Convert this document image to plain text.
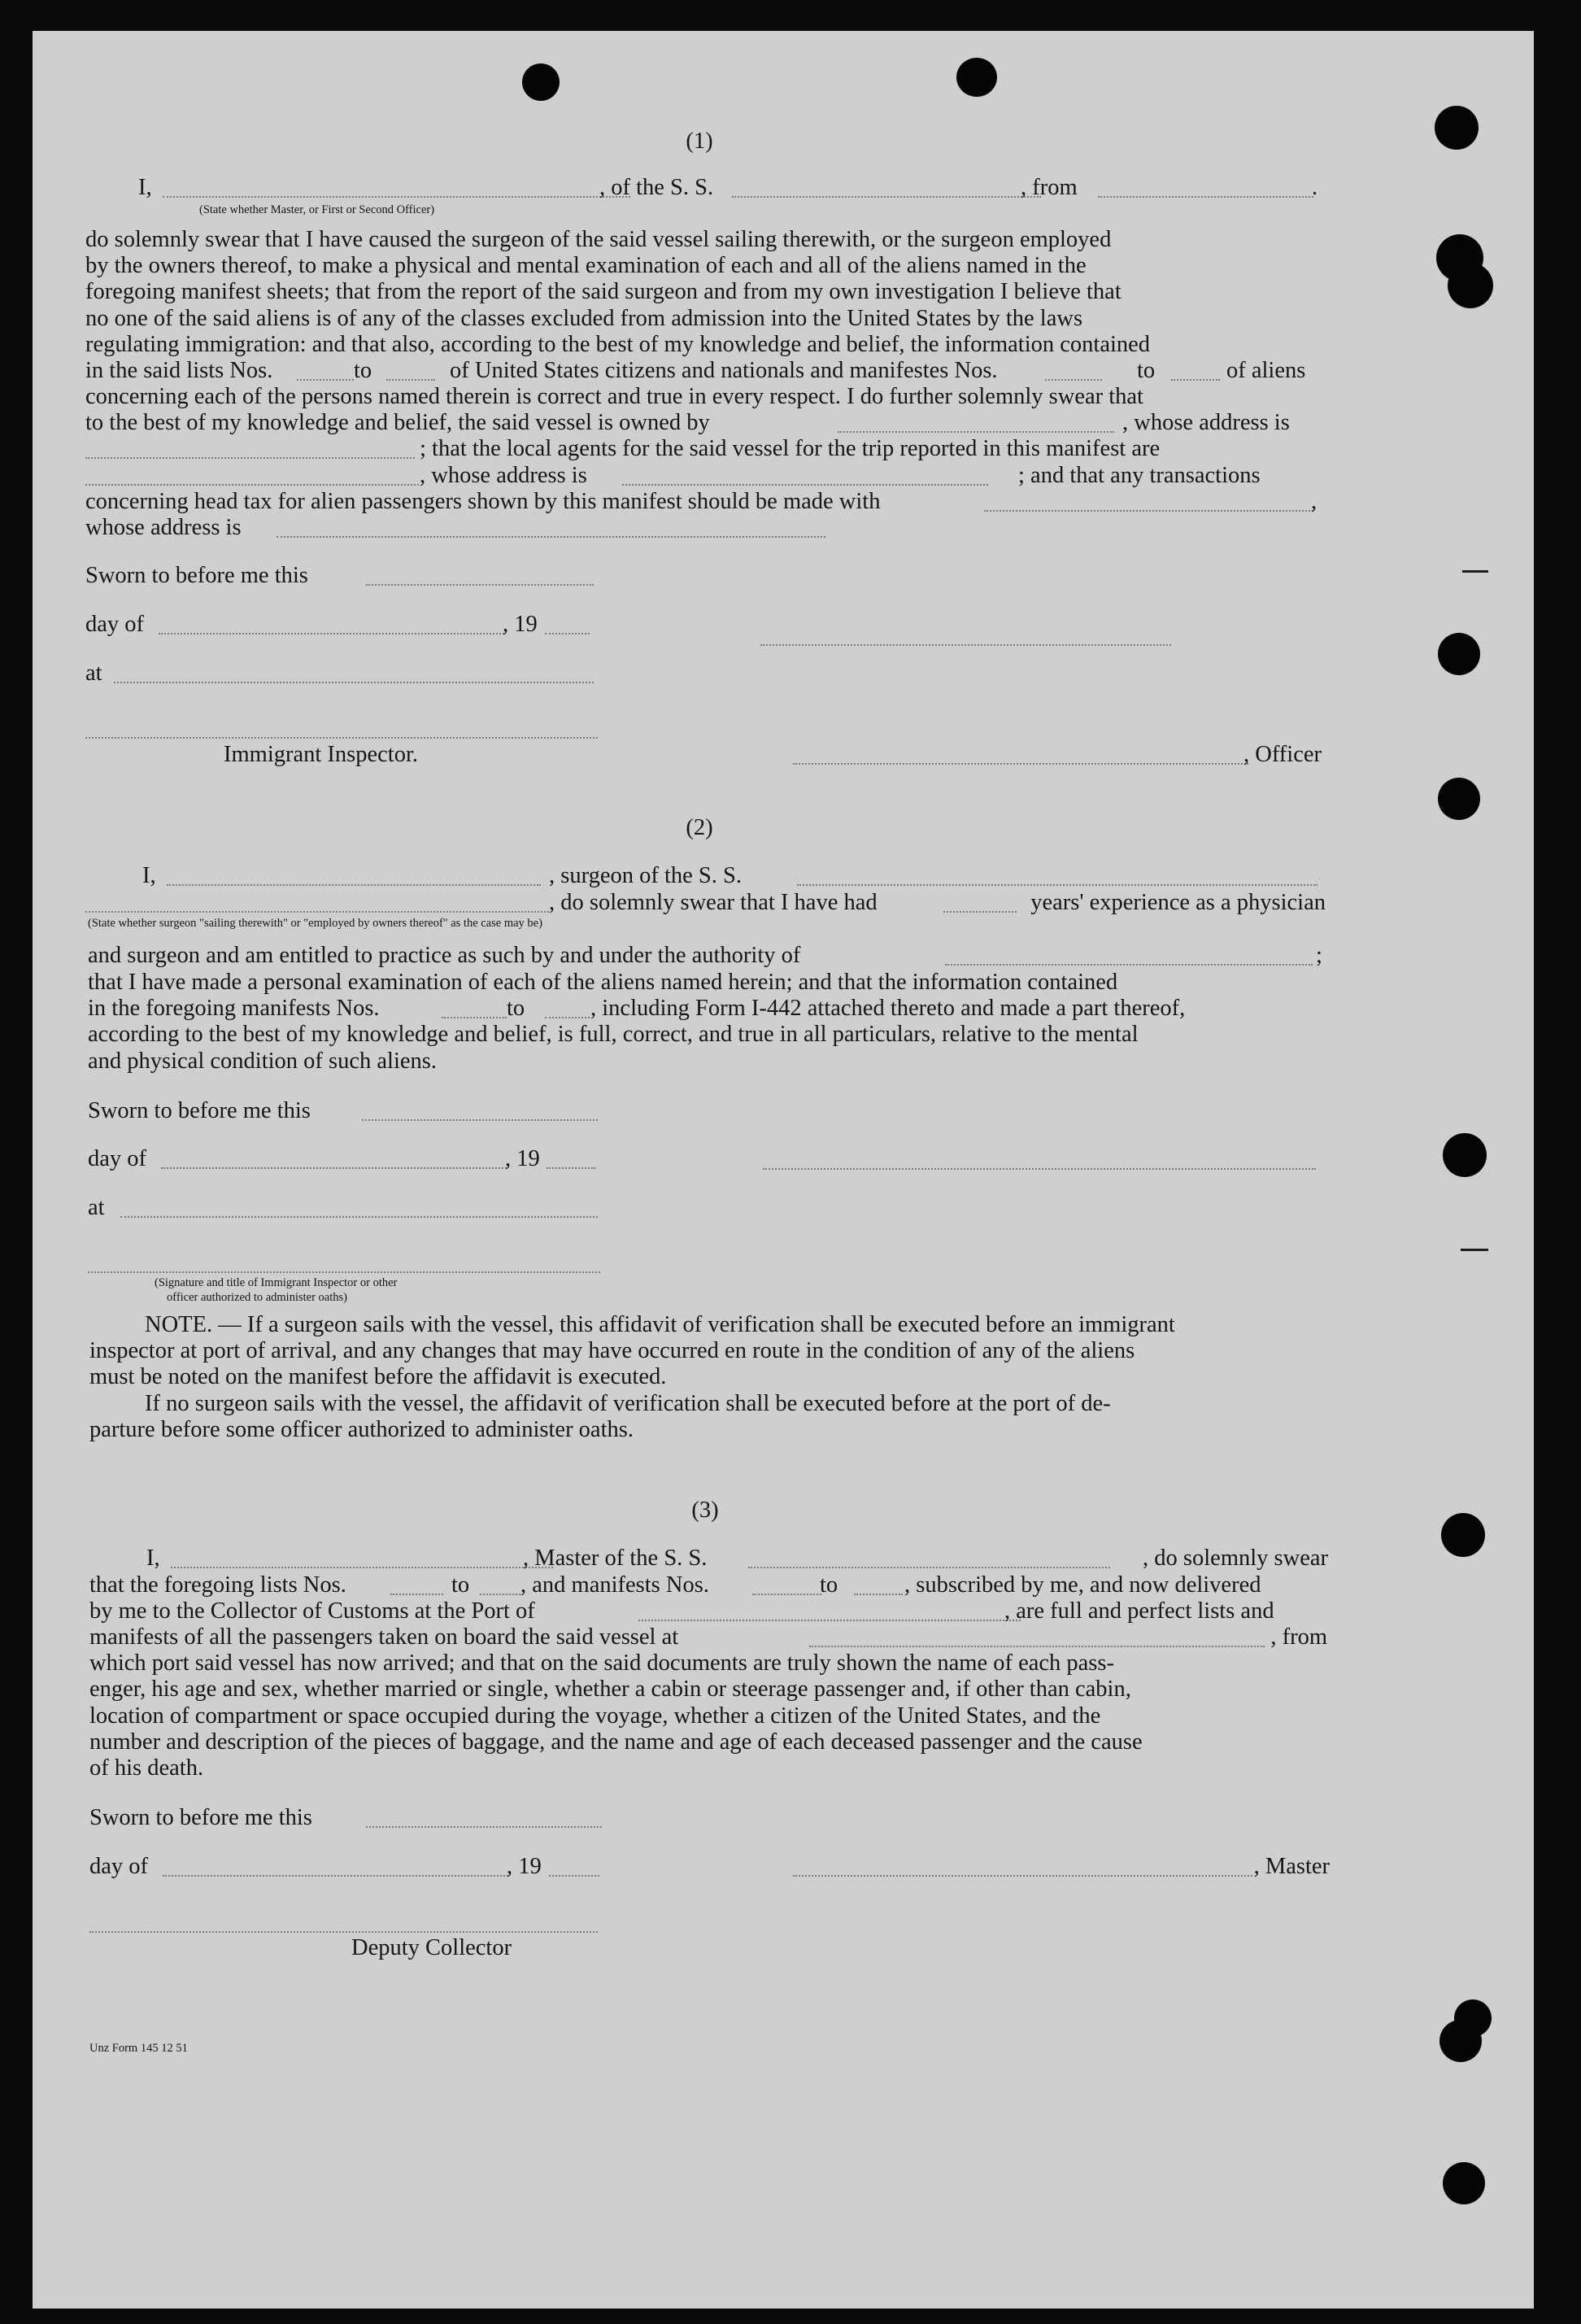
(1)
I,	, of the S. S.	, from	.
(State whether Master, or First or Second Officer)
do solemnly swear that I have caused the surgeon of the said vessel sailing therewith, or the surgeon employed
by the owners thereof, to make a physical and mental examination of each and all of the aliens named in the
foregoing manifest sheets; that from the report of the said surgeon and from my own investigation I believe that
no one of the said aliens is of any of the classes excluded from admission into the United States by the laws
regulating immigration: and that also, according to the best of my knowledge and belief, the information contained
in the said lists Nos.	to	of United States citizens and nationals and manifestes Nos.	to	of aliens
concerning each of the persons named therein is correct and true in every respect. I do further solemnly swear that
to the best of my knowledge and belief, the said vessel is owned by	, whose address is
; that the local agents for the said vessel for the trip reported in this manifest are
, whose address is	; and that any transactions
concerning head tax for alien passengers shown by this manifest should be made with	,
whose address is
Sworn to before me this
day of	, 19
at
Immigrant Inspector.	, Officer
(2)
I,	, surgeon of the S. S.
, do solemnly swear that I have had	years' experience as a physician
(State whether surgeon "sailing therewith" or "employed by owners thereof" as the case may be)
and surgeon and am entitled to practice as such by and under the authority of	;
that I have made a personal examination of each of the aliens named herein; and that the information contained
in the foregoing manifests Nos.	to	, including Form I-442 attached thereto and made a part thereof,
according to the best of my knowledge and belief, is full, correct, and true in all particulars, relative to the mental
and physical condition of such aliens.
Sworn to before me this
day of	, 19
at
(Signature and title of Immigrant Inspector or other
officer authorized to administer oaths)
NOTE. — If a surgeon sails with the vessel, this affidavit of verification shall be executed before an immigrant
inspector at port of arrival, and any changes that may have occurred en route in the condition of any of the aliens
must be noted on the manifest before the affidavit is executed.
If no surgeon sails with the vessel, the affidavit of verification shall be executed before at the port of de-
parture before some officer authorized to administer oaths.
(3)
I,	, Master of the S. S.	, do solemnly swear
that the foregoing lists Nos.	to , and manifests Nos.	to	, subscribed by me, and now delivered
by me to the Collector of Customs at the Port of	, are full and perfect lists and
manifests of all the passengers taken on board the said vessel at	, from
which port said vessel has now arrived; and that on the said documents are truly shown the name of each pass-
enger, his age and sex, whether married or single, whether a cabin or steerage passenger and, if other than cabin,
location of compartment or space occupied during the voyage, whether a citizen of the United States, and the
number and description of the pieces of baggage, and the name and age of each deceased passenger and the cause
of his death.
Sworn to before me this
day of	, 19	, Master
Deputy Collector
Unz Form 145 12 51
